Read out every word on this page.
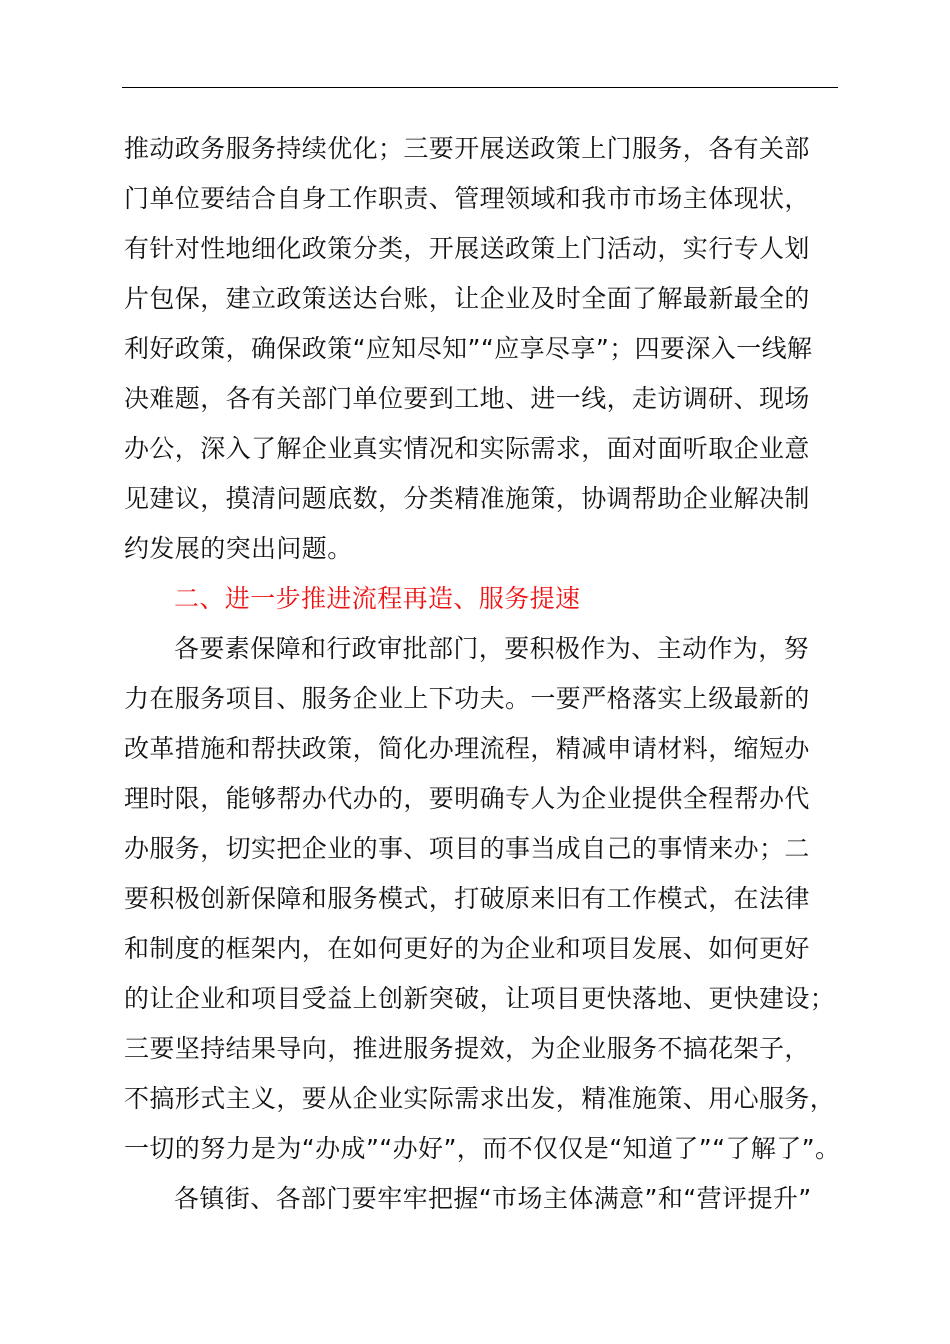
推动政务服务持续优化；三要开展送政策上门服务，各有关部
门单位要结合自身工作职责、管理领域和我市市场主体现状，
有针对性地细化政策分类，开展送政策上门活动，实行专人划
片包保，建立政策送达台账，让企业及时全面了解最新最全的
利好政策，确保政策“应知尽知”“应享尽享”；四要深入一线解
决难题，各有关部门单位要到工地、进一线，走访调研、现场
办公，深入了解企业真实情况和实际需求，面对面听取企业意
见建议，摸清问题底数，分类精准施策，协调帮助企业解决制
约发展的突出问题。
二、进一步推进流程再造、服务提速
各要素保障和行政审批部门，要积极作为、主动作为，努
力在服务项目、服务企业上下功夫。一要严格落实上级最新的
改革措施和帮扶政策，简化办理流程，精减申请材料，缩短办
理时限，能够帮办代办的，要明确专人为企业提供全程帮办代
办服务，切实把企业的事、项目的事当成自己的事情来办；二
要积极创新保障和服务模式，打破原来旧有工作模式，在法律
和制度的框架内，在如何更好的为企业和项目发展、如何更好
的让企业和项目受益上创新突破，让项目更快落地、更快建设；
三要坚持结果导向，推进服务提效，为企业服务不搞花架子，
不搞形式主义，要从企业实际需求出发，精准施策、用心服务，
一切的努力是为“办成”“办好”，而不仅仅是“知道了”“了解了”。
各镇街、各部门要牢牢把握“市场主体满意”和“营评提升”
